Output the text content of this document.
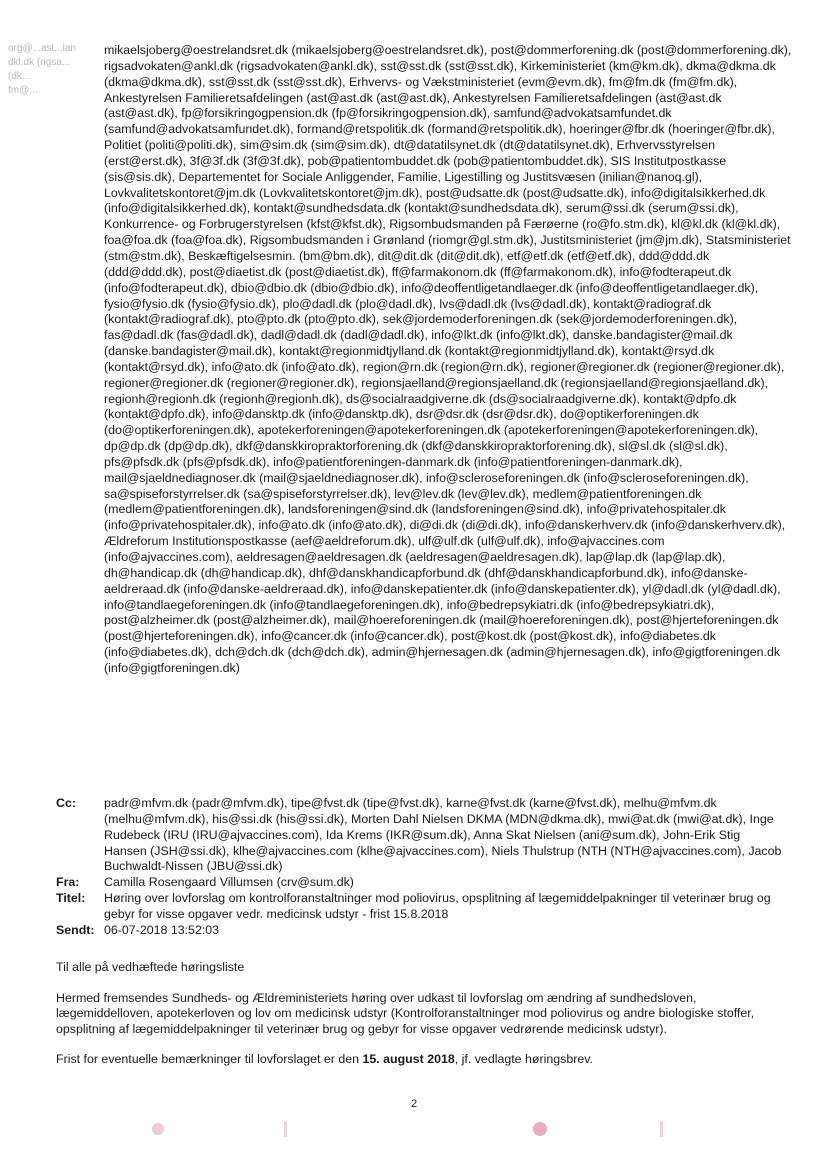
org@...ast...lan
dkl.dk (rigsa...
(dk...
fm@...
mikaelsjoberg@oestrelandsret.dk (mikaelsjoberg@oestrelandsret.dk), post@dommerforening.dk (post@dommerforening.dk), rigsadvokaten@ankl.dk (rigsadvokaten@ankl.dk), sst@sst.dk (sst@sst.dk), Kirkeministeriet (km@km.dk), dkma@dkma.dk (dkma@dkma.dk), sst@sst.dk (sst@sst.dk), Erhvervs- og Vækstministeriet (evm@evm.dk), fm@fm.dk (fm@fm.dk), Ankestyrelsen Familieretsafdelingen (ast@ast.dk (ast@ast.dk), Ankestyrelsen Familieretsafdelingen (ast@ast.dk (ast@ast.dk), fp@forsikringogpension.dk (fp@forsikringogpension.dk), samfund@advokatsamfundet.dk (samfund@advokatsamfundet.dk), formand@retspolitik.dk (formand@retspolitik.dk), hoeringer@fbr.dk (hoeringer@fbr.dk), Politiet (politi@politi.dk), sim@sim.dk (sim@sim.dk), dt@datatilsynet.dk (dt@datatilsynet.dk), Erhvervsstyrelsen (erst@erst.dk), 3f@3f.dk (3f@3f.dk), pob@patientombuddet.dk (pob@patientombuddet.dk), SIS Institutpostkasse (sis@sis.dk), Departementet for Sociale Anliggender, Familie, Ligestilling og Justitsvæsen (inilian@nanoq.gl), Lovkvalitetskontoret@jm.dk (Lovkvalitetskontoret@jm.dk), post@udsatte.dk (post@udsatte.dk), info@digitalsikkerhed.dk (info@digitalsikkerhed.dk), kontakt@sundhedsdata.dk (kontakt@sundhedsdata.dk), serum@ssi.dk (serum@ssi.dk), Konkurrence- og Forbrugerstyrelsen (kfst@kfst.dk), Rigsombudsmanden på Færøerne (ro@fo.stm.dk), kl@kl.dk (kl@kl.dk), foa@foa.dk (foa@foa.dk), Rigsombudsmanden i Grønland (riomgr@gl.stm.dk), Justitsministeriet (jm@jm.dk), Statsministeriet (stm@stm.dk), Beskæftigelsesmin. (bm@bm.dk), dit@dit.dk (dit@dit.dk), etf@etf.dk (etf@etf.dk), ddd@ddd.dk (ddd@ddd.dk), post@diaetist.dk (post@diaetist.dk), ff@farmakonom.dk (ff@farmakonom.dk), info@fodterapeut.dk (info@fodterapeut.dk), dbio@dbio.dk (dbio@dbio.dk), info@deoffentligetandlaeger.dk (info@deoffentligetandlaeger.dk), fysio@fysio.dk (fysio@fysio.dk), plo@dadl.dk (plo@dadl.dk), lvs@dadl.dk (lvs@dadl.dk), kontakt@radiograf.dk (kontakt@radiograf.dk), pto@pto.dk (pto@pto.dk), sek@jordemoderforeningen.dk (sek@jordemoderforeningen.dk), fas@dadl.dk (fas@dadl.dk), dadl@dadl.dk (dadl@dadl.dk), info@lkt.dk (info@lkt.dk), danske.bandagister@mail.dk (danske.bandagister@mail.dk), kontakt@regionmidtjylland.dk (kontakt@regionmidtjylland.dk), kontakt@rsyd.dk (kontakt@rsyd.dk), info@ato.dk (info@ato.dk), region@rn.dk (region@rn.dk), regioner@regioner.dk (regioner@regioner.dk), regioner@regioner.dk (regioner@regioner.dk), regionsjaelland@regionsjaelland.dk (regionsjaelland@regionsjaelland.dk), regionh@regionh.dk (regionh@regionh.dk), ds@socialraadgiverne.dk (ds@socialraadgiverne.dk), kontakt@dpfo.dk (kontakt@dpfo.dk), info@dansktp.dk (info@dansktp.dk), dsr@dsr.dk (dsr@dsr.dk), do@optikerforeningen.dk (do@optikerforeningen.dk), apotekerforeningen@apotekerforeningen.dk (apotekerforeningen@apotekerforeningen.dk), dp@dp.dk (dp@dp.dk), dkf@danskkiropraktorforening.dk (dkf@danskkiropraktorforening.dk), sl@sl.dk (sl@sl.dk), pfs@pfsdk.dk (pfs@pfsdk.dk), info@patientforeningen-danmark.dk (info@patientforeningen-danmark.dk), mail@sjaeldnediagnoser.dk (mail@sjaeldnediagnoser.dk), info@scleroseforeningen.dk (info@scleroseforeningen.dk), sa@spiseforstyrrelser.dk (sa@spiseforstyrrelser.dk), lev@lev.dk (lev@lev.dk), medlem@patientforeningen.dk (medlem@patientforeningen.dk), landsforeningen@sind.dk (landsforeningen@sind.dk), info@privatehospitaler.dk (info@privatehospitaler.dk), info@ato.dk (info@ato.dk), di@di.dk (di@di.dk), info@danskerhverv.dk (info@danskerhverv.dk), Ældreforum Institutionspostkasse (aef@aeldreforum.dk), ulf@ulf.dk (ulf@ulf.dk), info@ajvaccines.com (info@ajvaccines.com), aeldresagen@aeldresagen.dk (aeldresagen@aeldresagen.dk), lap@lap.dk (lap@lap.dk), dh@handicap.dk (dh@handicap.dk), dhf@danskhandicapforbund.dk (dhf@danskhandicapforbund.dk), info@danske-aeldreraad.dk (info@danske-aeldreraad.dk), info@danskepatienter.dk (info@danskepatienter.dk), yl@dadl.dk (yl@dadl.dk), info@tandlaegeforeningen.dk (info@tandlaegeforeningen.dk), info@bedrepsykiatri.dk (info@bedrepsykiatri.dk), post@alzheimer.dk (post@alzheimer.dk), mail@hoereforeningen.dk (mail@hoereforeningen.dk), post@hjerteforeningen.dk (post@hjerteforeningen.dk), info@cancer.dk (info@cancer.dk), post@kost.dk (post@kost.dk), info@diabetes.dk (info@diabetes.dk), dch@dch.dk (dch@dch.dk), admin@hjernesagen.dk (admin@hjernesagen.dk), info@gigtforeningen.dk (info@gigtforeningen.dk)
Cc:	padr@mfvm.dk (padr@mfvm.dk), tipe@fvst.dk (tipe@fvst.dk), karne@fvst.dk (karne@fvst.dk), melhu@mfvm.dk (melhu@mfvm.dk), his@ssi.dk (his@ssi.dk), Morten Dahl Nielsen DKMA (MDN@dkma.dk), mwi@at.dk (mwi@at.dk), Inge Rudebeck (IRU (IRU@ajvaccines.com), Ida Krems (IKR@sum.dk), Anna Skat Nielsen (ani@sum.dk), John-Erik Stig Hansen (JSH@ssi.dk), klhe@ajvaccines.com (klhe@ajvaccines.com), Niels Thulstrup (NTH (NTH@ajvaccines.com), Jacob Buchwaldt-Nissen (JBU@ssi.dk)
Fra:	Camilla Rosengaard Villumsen (crv@sum.dk)
Titel:	Høring over lovforslag om kontrolforanstaltninger mod poliovirus, opsplitning af lægemiddelpakninger til veterinær brug og gebyr for visse opgaver vedr. medicinsk udstyr - frist 15.8.2018
Sendt: 06-07-2018 13:52:03

Til alle på vedhæftede høringsliste

Hermed fremsendes Sundheds- og Ældreministeriets høring over udkast til lovforslag om ændring af sundhedsloven, lægemiddelloven, apotekerloven og lov om medicinsk udstyr (Kontrolforanstaltninger mod poliovirus og andre biologiske stoffer, opsplitning af lægemiddelpakninger til veterinær brug og gebyr for visse opgaver vedrørende medicinsk udstyr).

Frist for eventuelle bemærkninger til lovforslaget er den 15. august 2018, jf. vedlagte høringsbrev.

2
